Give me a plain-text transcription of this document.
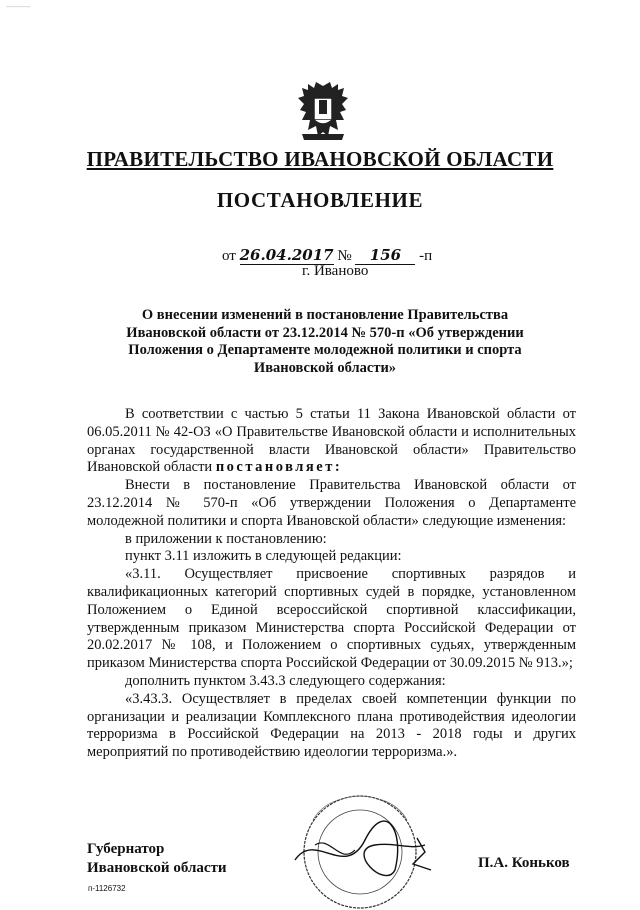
———
ПРАВИТЕЛЬСТВО ИВАНОВСКОЙ ОБЛАСТИ
ПОСТАНОВЛЕНИЕ
от 26.04.2017 № 156 -п
г. Иваново
О внесении изменений в постановление Правительства Ивановской области от 23.12.2014 № 570-п «Об утверждении Положения о Департаменте молодежной политики и спорта Ивановской области»

В соответствии с частью 5 статьи 11 Закона Ивановской области от 06.05.2011 № 42-ОЗ «О Правительстве Ивановской области и исполнительных органах государственной власти Ивановской области» Правительство Ивановской области постановляет:

Внести в постановление Правительства Ивановской области от 23.12.2014 № 570-п «Об утверждении Положения о Департаменте молодежной политики и спорта Ивановской области» следующие изменения:

в приложении к постановлению:

пункт 3.11 изложить в следующей редакции:

«3.11. Осуществляет присвоение спортивных разрядов и квалификационных категорий спортивных судей в порядке, установленном Положением о Единой всероссийской спортивной классификации, утвержденным приказом Министерства спорта Российской Федерации от 20.02.2017 № 108, и Положением о спортивных судьях, утвержденным приказом Министерства спорта Российской Федерации от 30.09.2015 № 913.»;

дополнить пунктом 3.43.3 следующего содержания:

«3.43.3. Осуществляет в пределах своей компетенции функции по организации и реализации Комплексного плана противодействия идеологии терроризма в Российской Федерации на 2013 - 2018 годы и других мероприятий по противодействию идеологии терроризма.».

Губернатор
Ивановской области	П.А. Коньков
п-1126732
